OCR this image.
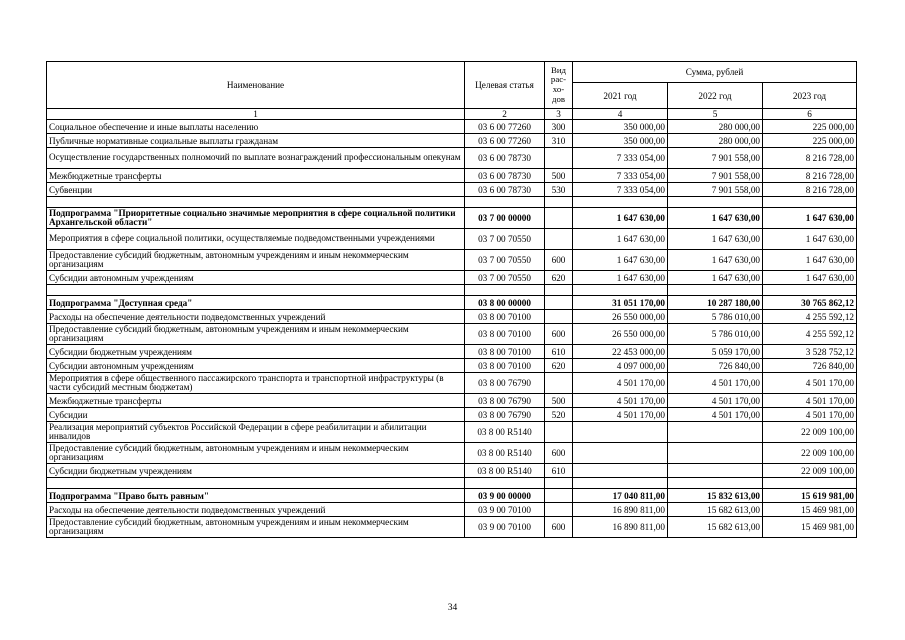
Наименование	Целевая статья	Вид рас-хо-дов	Сумма, рублей		
			2021 год	2022 год	2023 год
1	2	3	4	5	6
Социальное обеспечение и иные выплаты населению	03 6 00 77260	300	350 000,00	280 000,00	225 000,00
Публичные нормативные социальные выплаты гражданам	03 6 00 77260	310	350 000,00	280 000,00	225 000,00
Осуществление государственных полномочий по выплате вознаграждений профессиональным опекунам	03 6 00 78730		7 333 054,00	7 901 558,00	8 216 728,00
Межбюджетные трансферты	03 6 00 78730	500	7 333 054,00	7 901 558,00	8 216 728,00
Субвенции	03 6 00 78730	530	7 333 054,00	7 901 558,00	8 216 728,00

Подпрограмма "Приоритетные социально значимые мероприятия в сфере социальной политики Архангельской области"	03 7 00 00000		1 647 630,00	1 647 630,00	1 647 630,00
Мероприятия в сфере социальной политики, осуществляемые подведомственными учреждениями	03 7 00 70550		1 647 630,00	1 647 630,00	1 647 630,00
Предоставление субсидий бюджетным, автономным учреждениям и иным некоммерческим организациям	03 7 00 70550	600	1 647 630,00	1 647 630,00	1 647 630,00
Субсидии автономным учреждениям	03 7 00 70550	620	1 647 630,00	1 647 630,00	1 647 630,00

Подпрограмма "Доступная среда"	03 8 00 00000		31 051 170,00	10 287 180,00	30 765 862,12
Расходы на обеспечение деятельности подведомственных учреждений	03 8 00 70100		26 550 000,00	5 786 010,00	4 255 592,12
Предоставление субсидий бюджетным, автономным учреждениям и иным некоммерческим организациям	03 8 00 70100	600	26 550 000,00	5 786 010,00	4 255 592,12
Субсидии бюджетным учреждениям	03 8 00 70100	610	22 453 000,00	5 059 170,00	3 528 752,12
Субсидии автономным учреждениям	03 8 00 70100	620	4 097 000,00	726 840,00	726 840,00
Мероприятия в сфере общественного пассажирского транспорта и транспортной инфраструктуры (в части субсидий местным бюджетам)	03 8 00 76790		4 501 170,00	4 501 170,00	4 501 170,00
Межбюджетные трансферты	03 8 00 76790	500	4 501 170,00	4 501 170,00	4 501 170,00
Субсидии	03 8 00 76790	520	4 501 170,00	4 501 170,00	4 501 170,00
Реализация мероприятий субъектов Российской Федерации в сфере реабилитации и абилитации инвалидов	03 8 00 R5140				22 009 100,00
Предоставление субсидий бюджетным, автономным учреждениям и иным некоммерческим организациям	03 8 00 R5140	600			22 009 100,00
Субсидии бюджетным учреждениям	03 8 00 R5140	610			22 009 100,00

Подпрограмма "Право быть равным"	03 9 00 00000		17 040 811,00	15 832 613,00	15 619 981,00
Расходы на обеспечение деятельности подведомственных учреждений	03 9 00 70100		16 890 811,00	15 682 613,00	15 469 981,00
Предоставление субсидий бюджетным, автономным учреждениям и иным некоммерческим организациям	03 9 00 70100	600	16 890 811,00	15 682 613,00	15 469 981,00
34
